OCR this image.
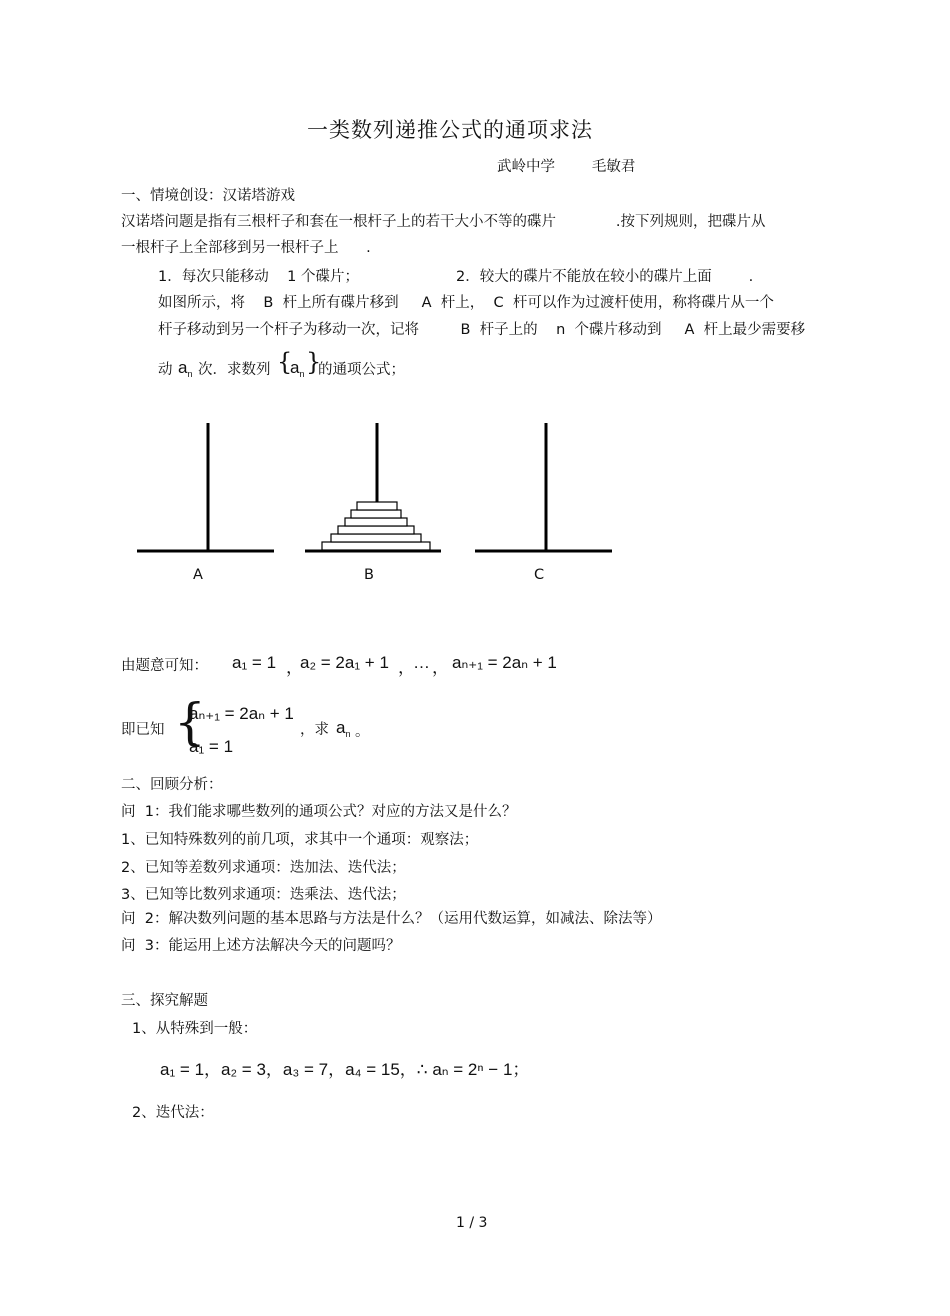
一类数列递推公式的通项求法
武岭中学        毛敏君
一、情境创设：汉诺塔游戏
汉诺塔问题是指有三根杆子和套在一根杆子上的若干大小不等的碟片             .按下列规则，把碟片从
一根杆子上全部移到另一根杆子上      .
1．每次只能移动    1 个碟片；	2．较大的碟片不能放在较小的碟片上面        .
如图所示，将    B  杆上所有碟片移到     A  杆上，  C  杆可以作为过渡杆使用，称将碟片从一个
杆子移动到另一个杆子为移动一次，记将         B  杆子上的    n  个碟片移动到     A  杆上最少需要移
动 $a_n$ 次．求数列 {
$a_n$ }
的通项公式；
A	B	C
由题意可知： a₁ = 1 ，
a₂ = 2a₁ + 1 ，
… ， aₙ₊₁ = 2aₙ + 1
即已知 {
aₙ₊₁ = 2aₙ + 1
a₁ = 1
，求 $a_n$ 。
二、回顾分析：
问  1：我们能求哪些数列的通项公式？对应的方法又是什么？
1、已知特殊数列的前几项，求其中一个通项：观察法；
2、已知等差数列求通项：迭加法、迭代法；
3、已知等比数列求通项：迭乘法、迭代法；
问  2：解决数列问题的基本思路与方法是什么？（运用代数运算，如减法、除法等）
问  3：能运用上述方法解决今天的问题吗？
三、探究解题
1、从特殊到一般：
a₁ = 1，a₂ = 3，a₃ = 7，a₄ = 15，∴ aₙ = 2ⁿ − 1；
2、迭代法：
1 / 3
